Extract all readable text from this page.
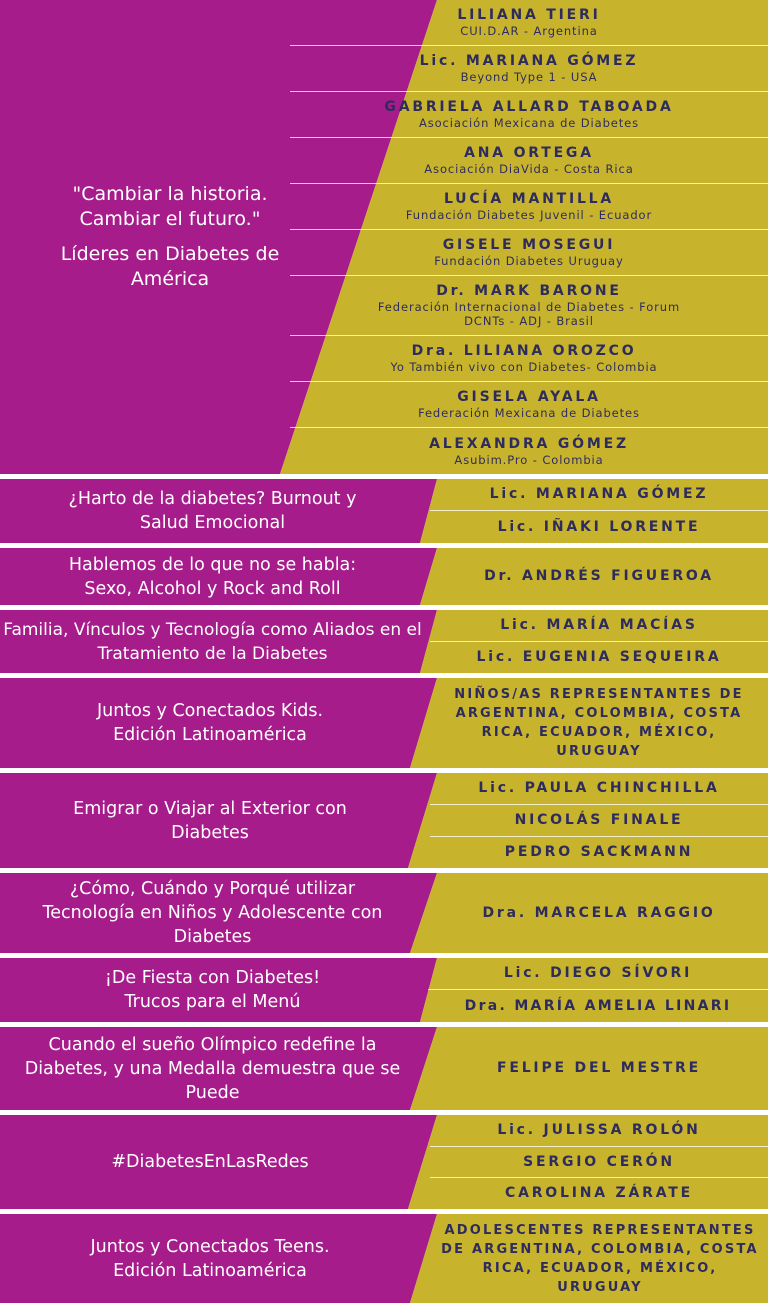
"Cambiar la historia. Cambiar el futuro."
Líderes en Diabetes de América
LILIANA TIERI
CUI.D.AR - Argentina
Lic. MARIANA GÓMEZ
Beyond Type 1 - USA
GABRIELA ALLARD TABOADA
Asociación Mexicana de Diabetes
ANA ORTEGA
Asociación DiaVida - Costa Rica
LUCÍA MANTILLA
Fundación Diabetes Juvenil - Ecuador
GISELE MOSEGUI
Fundación Diabetes Uruguay
Dr. MARK BARONE
Federación Internacional de Diabetes - Forum DCNTs - ADJ - Brasil
Dra. LILIANA OROZCO
Yo También vivo con Diabetes- Colombia
GISELA AYALA
Federación Mexicana de Diabetes
ALEXANDRA GÓMEZ
Asubim.Pro - Colombia
¿Harto de la diabetes? Burnout y Salud Emocional
Lic. MARIANA GÓMEZ
Lic. IÑAKI LORENTE
Hablemos de lo que no se habla: Sexo, Alcohol y Rock and Roll
Dr. ANDRÉS FIGUEROA
Familia, Vínculos y Tecnología como Aliados en el Tratamiento de la Diabetes
Lic. MARÍA MACÍAS
Lic. EUGENIA SEQUEIRA
Juntos y Conectados Kids. Edición Latinoamérica
NIÑOS/AS REPRESENTANTES DE ARGENTINA, COLOMBIA, COSTA RICA, ECUADOR, MÉXICO, URUGUAY
Emigrar o Viajar al Exterior con Diabetes
Lic. PAULA CHINCHILLA
NICOLÁS FINALE
PEDRO SACKMANN
¿Cómo, Cuándo y Porqué utilizar Tecnología en Niños y Adolescente con Diabetes
Dra. MARCELA RAGGIO
¡De Fiesta con Diabetes! Trucos para el Menú
Lic. DIEGO SÍVORI
Dra. MARÍA AMELIA LINARI
Cuando el sueño Olímpico redefine la Diabetes, y una Medalla demuestra que se Puede
FELIPE DEL MESTRE
#DiabetesEnLasRedes
Lic. JULISSA ROLÓN
SERGIO CERÓN
CAROLINA ZÁRATE
Juntos y Conectados Teens. Edición Latinoamérica
ADOLESCENTES REPRESENTANTES DE ARGENTINA, COLOMBIA, COSTA RICA, ECUADOR, MÉXICO, URUGUAY
